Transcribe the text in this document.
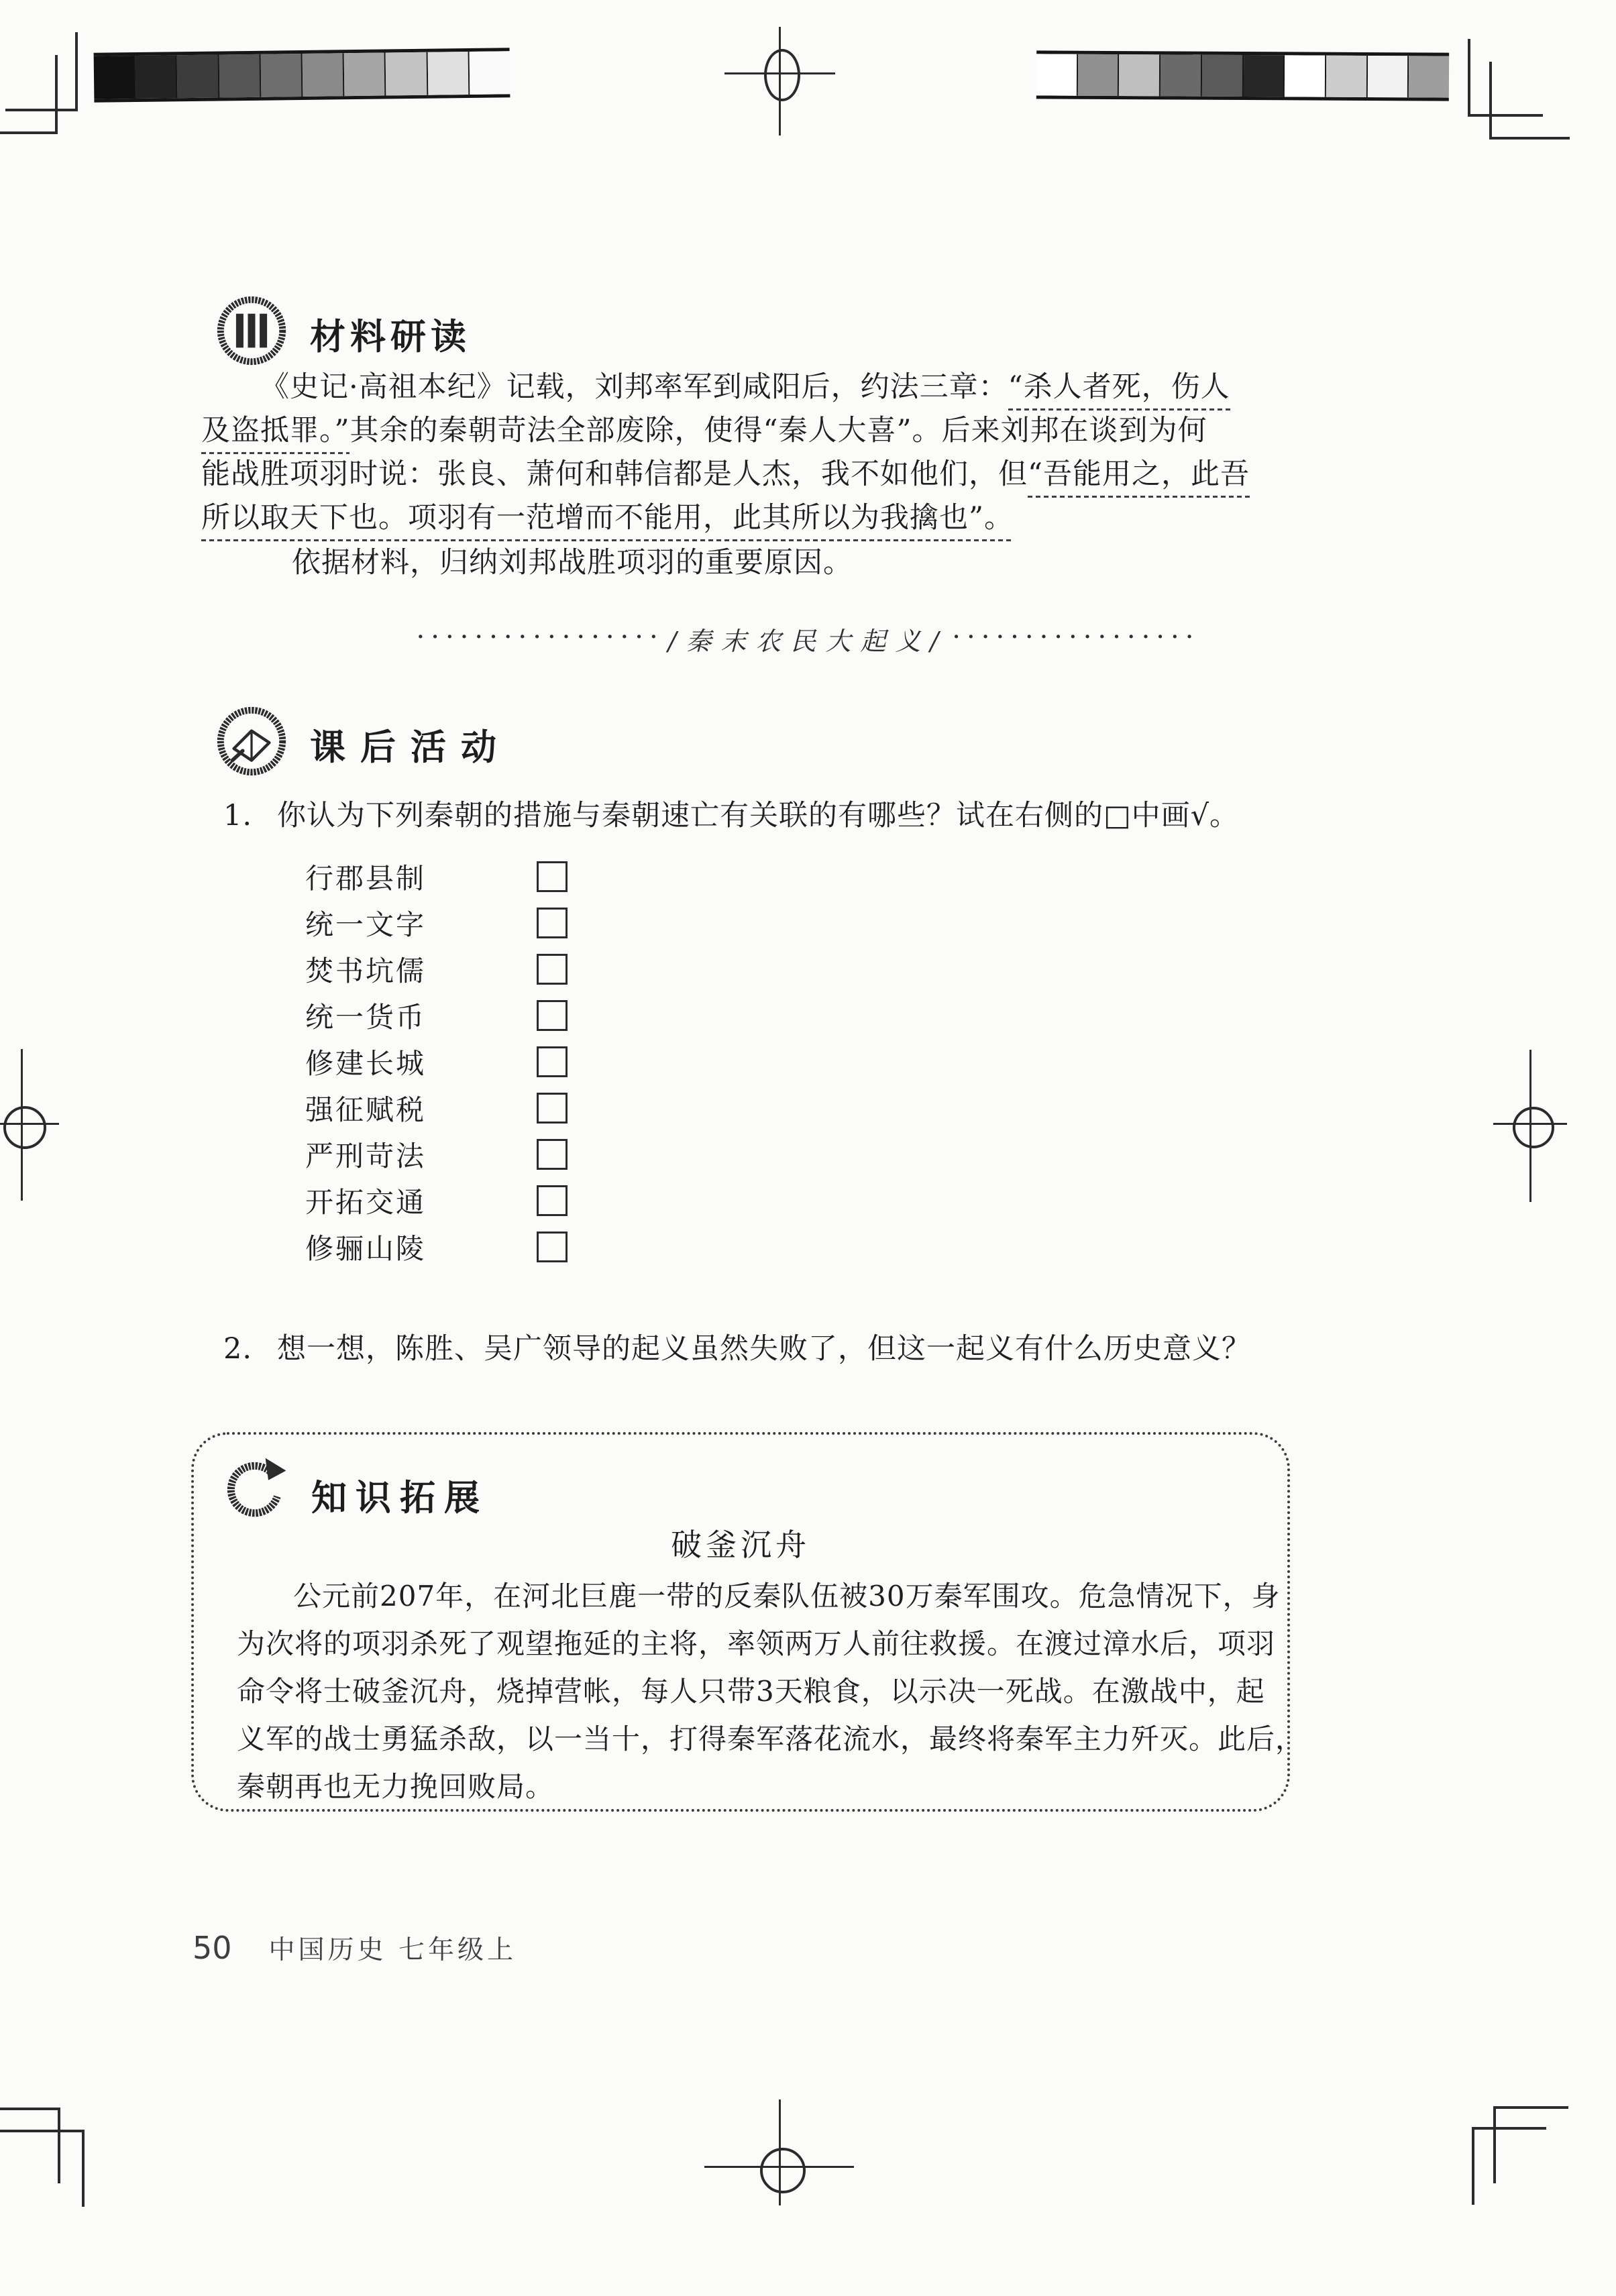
材料研读
《史记·高祖本纪》记载，刘邦率军到咸阳后，约法三章：“杀人者死，伤人
及盗抵罪。”其余的秦朝苛法全部废除，使得“秦人大喜”。后来刘邦在谈到为何
能战胜项羽时说：张良、萧何和韩信都是人杰，我不如他们，但“吾能用之，此吾
所以取天下也。项羽有一范增而不能用，此其所以为我擒也”。
依据材料，归纳刘邦战胜项羽的重要原因。
················· /秦末农民大起义/ ·················
课后活动
1. 你认为下列秦朝的措施与秦朝速亡有关联的有哪些？试在右侧的□中画√。
行郡县制
统一文字
焚书坑儒
统一货币
修建长城
强征赋税
严刑苛法
开拓交通
修骊山陵
2. 想一想，陈胜、吴广领导的起义虽然失败了，但这一起义有什么历史意义？
知识拓展
破釜沉舟
公元前207年，在河北巨鹿一带的反秦队伍被30万秦军围攻。危急情况下，身
为次将的项羽杀死了观望拖延的主将，率领两万人前往救援。在渡过漳水后，项羽
命令将士破釜沉舟，烧掉营帐，每人只带3天粮食，以示决一死战。在激战中，起
义军的战士勇猛杀敌，以一当十，打得秦军落花流水，最终将秦军主力歼灭。此后，
秦朝再也无力挽回败局。
50 中国历史 七年级上
